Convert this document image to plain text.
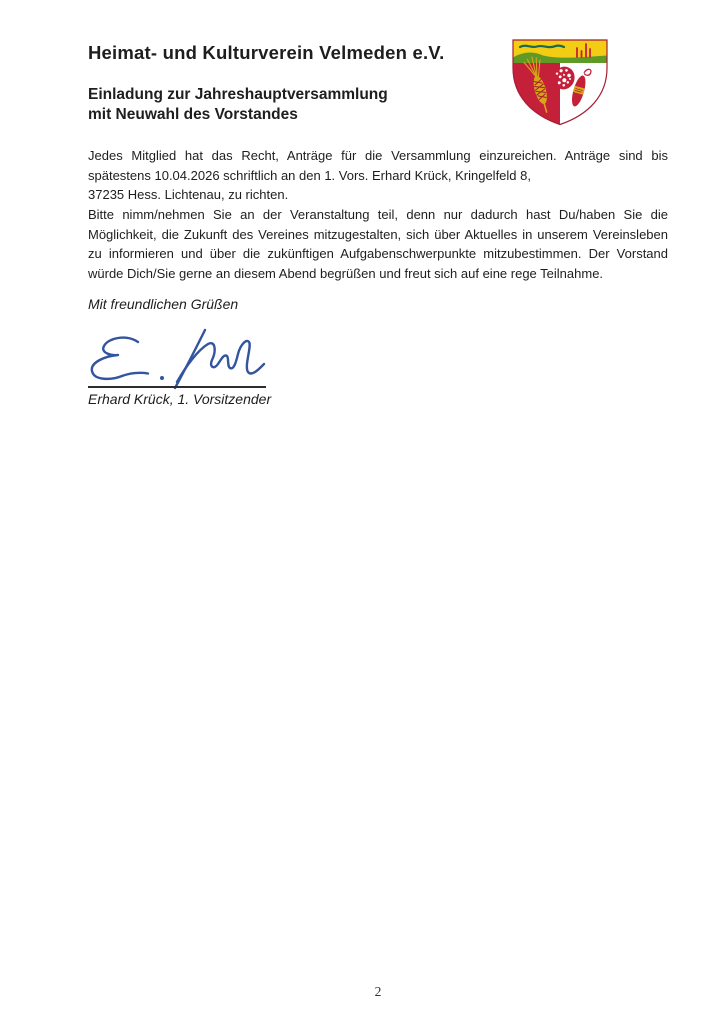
Heimat- und Kulturverein Velmeden e.V.
Einladung zur Jahreshauptversammlung
mit Neuwahl des Vorstandes
Jedes Mitglied hat das Recht, Anträge für die Versammlung einzureichen. Anträge sind bis
spätestens 10.04.2026 schriftlich an den 1. Vors. Erhard Krück, Kringelfeld 8,
37235 Hess. Lichtenau, zu richten.
Bitte nimm/nehmen Sie an der Veranstaltung teil, denn nur dadurch hast Du/haben Sie die
Möglichkeit, die Zukunft des Vereines mitzugestalten, sich über Aktuelles in unserem Vereinsleben
zu informieren und über die zukünftigen Aufgabenschwerpunkte mitzubestimmen. Der Vorstand
würde Dich/Sie gerne an diesem Abend begrüßen und freut sich auf eine rege Teilnahme.
Mit freundlichen Grüßen
Erhard Krück, 1. Vorsitzender
2
